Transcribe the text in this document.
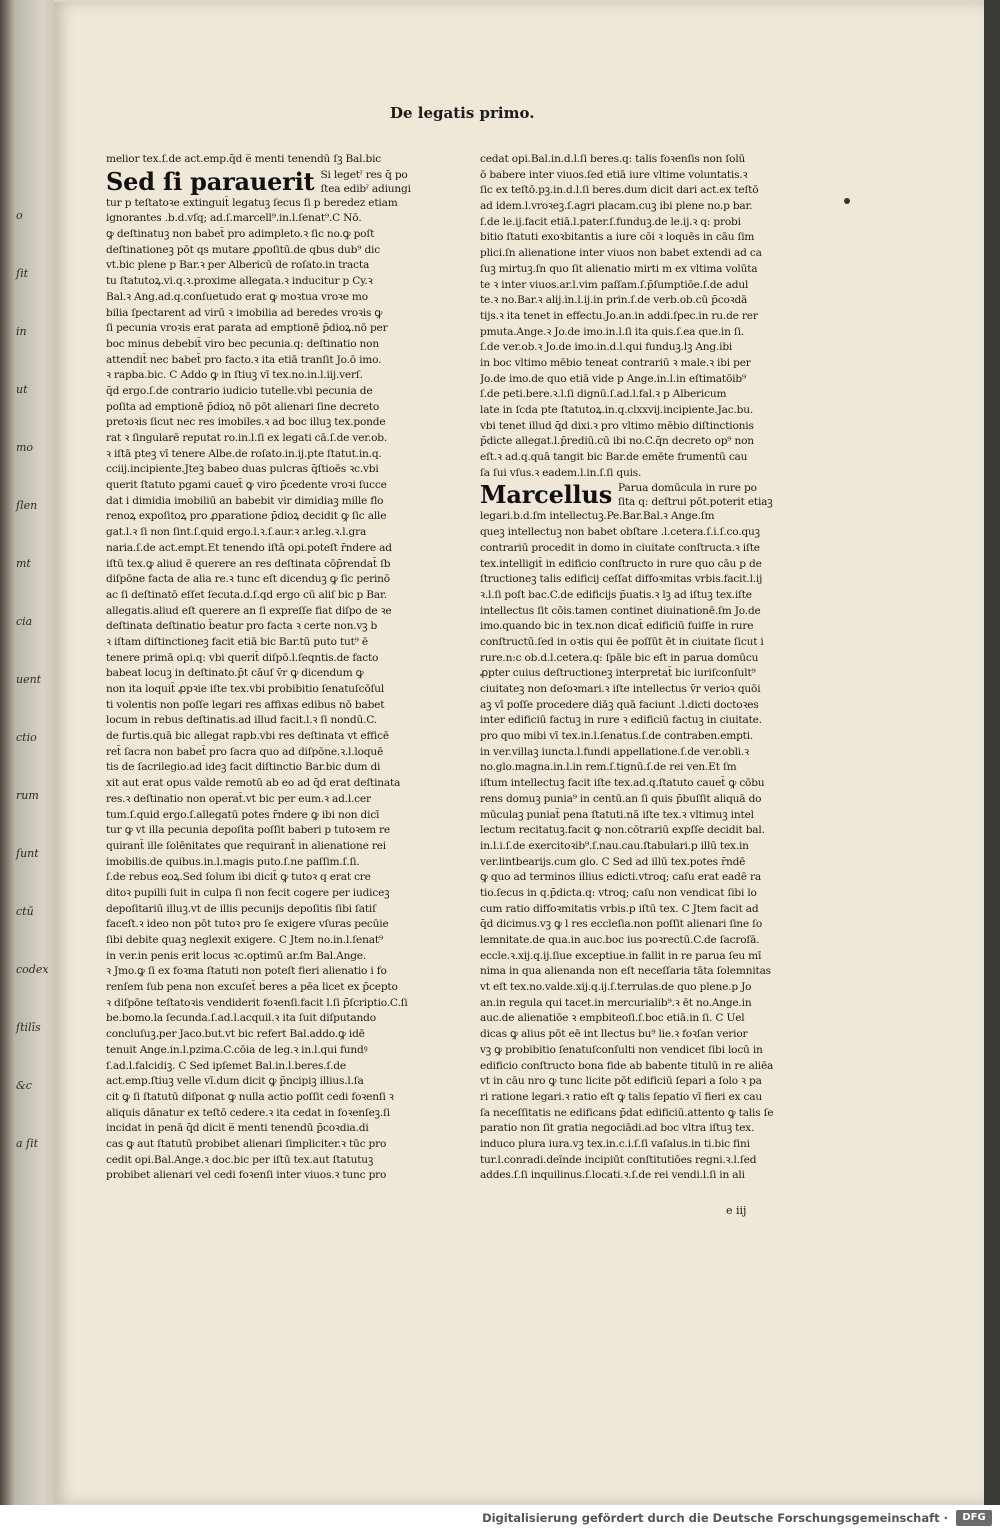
o
ſit
in
ut
mo
ſlen
mt
cia
uent
ctio
rum
ſunt
ctū
codex
ſtilīs
&c
a ſit
De legatis primo.
melior tex.ſ.de act.emp.q̄d e̅ menti tenendū ſꝫ Bal.bic
Sed ſi parauerit Si legetˀ res q̄ po
ſtea edibˀ adiungi
tur p teſtatoꝛe extinguit̄ legatuꝫ ſecus ſi p beredez etiam
ignorantes .b.d.vſq; ad.ſ.marcell⁹.in.l.ſenat⁹.C Nō.
ꝙ deſtinatuꝫ non babet̄ pro adimpleto.ꝛ ſic no.ꝙ poſt
deſtinationeꝫ pōt qs mutare ꝓpoſitū.de qbus dub⁹ dic
vt.bic plene p Bar.ꝛ per Albericū de roſato.in tracta
tu ſtatutoꝝ.vi.q.ꝛ.proxime allegata.ꝛ inducitur p Cy.ꝛ
Bal.ꝛ Ang.ad.q.conſuetudo erat ꝙ moꝛtua vroꝛe mo
bilia ſpectarent ad virū ꝛ imobilia ad beredes vroꝛis ꝙ
ſi pecunia vroꝛis erat parata ad emptionē p̄dioꝝ.nō per
boc minus debebit̄ viro bec pecunia.q: deſtinatio non
attendit̄ nec babet̄ pro facto.ꝛ ita etiā tranſit Jo.ō imo.
ꝛ rapba.bic. C Addo ꝙ in ſtiuꝫ vī tex.no.in.l.iij.verſ.
q̄d ergo.ſ.de contrario iudicio tutelle.vbi pecunia de
poſita ad emptionē p̄dioꝝ nō pōt alienari ſine decreto
pretoꝛis ſicut nec res imobiles.ꝛ ad boc illuꝫ tex.ponde
rat ꝛ ſingularē reputat ro.in.l.ſi ex legati cā.ſ.de ver.ob.
ꝛ iſtā pteꝫ vī tenere Albe.de roſato.in.ij.pte ſtatut.in.q.
cciij.incipiente.Jteꝫ babeo duas pulcras q̄ſtioēs ꝛc.vbi
querit ſtatuto pgami cauet̄ ꝙ viro p̄cedente vroꝛi ſucce
dat i dimidia imobiliū an babebit vir dimidiaꝫ mille flo
renoꝝ expoſitoꝝ pro ꝓparatione p̄dioꝝ decidit ꝙ ſic alle
gat.l.ꝛ ſi non ſint.ſ.quid ergo.l.ꝛ.ſ.aur.ꝛ ar.leg.ꝛ.l.gra
naria.ſ.de act.empt.Et tenendo iſtā opi.poteſt r̄ndere ad
iſtū tex.ꝙ aliud ē querere an res deſtinata cōp̄rendat̄ ſb
diſpōne facta de alia re.ꝛ tunc eſt dicenduꝫ ꝙ ſic perinō
ac ſi deſtinatō eſſet ſecuta.d.ſ.qd ergo cū aliſ bic p Bar.
allegatis.aliud eſt querere an ſi expreſſe fiat diſpo de ꝛe
deſtinata deſtinatio b̄eatur pro facta ꝛ certe non.vꝫ b
ꝛ iſtam diſtinctioneꝫ facit etiā bic Bar.tū puto tut⁹ ē
tenere primā opi.q: vbi querit̄ diſpō.l.ſeqntis.de facto
babeat locuꝫ in deſtinato.p̄t cāuſ v̄r ꝙ dicendum ꝙ
non ita loquit̄ ꝓpꝛie iſte tex.vbi probibitio ſenatuſcōſul
ti volentis non poſſe legari res affixas edibus nō babet
locum in rebus deſtinatis.ad illud facit.l.ꝛ ſi nondū.C.
de furtis.quā bic allegat rapb.vbi res deſtinata vt efficē
ret̄ ſacra non babet̄ pro ſacra quo ad diſpōne.ꝛ.l.loquē
tis de ſacrilegio.ad ideꝫ facit diſtinctio Bar.bic dum di
xit aut erat opus valde remotū ab eo ad q̄d erat deſtinata
res.ꝛ deſtinatio non operat̄.vt bic per eum.ꝛ ad.l.cer
tum.ſ.quid ergo.ſ.allegatū potes r̄ndere ꝙ ibi non dicī
tur ꝙ vt illa pecunia depoſita poſſit baberi p tutoꝛem re
quirant̄ ille ſolēnitates que requirant̄ in alienatione rei
imobilis.de quibus.in.l.magis puto.ſ.ne paſſim.ſ.ſi.
ſ.de rebus eoꝝ.Sed ſolum ibi dicit̄ ꝙ tutoꝛ q erat cre
ditoꝛ pupilli ſuit in culpa ſi non fecit cogere per iudiceꝫ
depoſitariū illuꝫ.vt de illis pecunijs depoſitis ſibi ſatiſ
faceſt.ꝛ ideo non pōt tutoꝛ pro ſe exigere vſuras pecūie
ſibi debite quaꝫ neglexit exigere. C Jtem no.in.l.ſenat⁹
in ver.in penis erit locus ꝛc.optimū ar.ſm Bal.Ange.
ꝛ Jmo.ꝙ ſi ex foꝛma ſtatuti non poteſt fieri alienatio i fo
renſem ſub pena non excuſet̄ beres a pēa licet ex p̄cepto
ꝛ diſpōne teſtatoꝛis vendiderit foꝛenſi.facit l.ſi p̄ſcriptio.C.ſi
be.bomo.la ſecunda.ſ.ad.l.acquil.ꝛ ita ſuit diſputando
concluſuꝫ.per Jaco.but.vt bic refert Bal.addo.ꝙ idē
tenuit Ange.in.l.pzima.C.cōia de leg.ꝛ in.l.qui fundꝰ
ſ.ad.l.falcidiꝫ. C Sed ipſemet Bal.in.l.beres.ſ.de
act.emp.ſtiuꝫ velle vī.dum dicit ꝙ p̄ncipiꝫ illius.l.ſa
cit ꝙ ſi ſtatutū diſponat ꝙ nulla actio poſſit cedi foꝛenſi ꝛ
aliquis dānatur ex teſtō cedere.ꝛ ita cedat in foꝛenſeꝫ.ſi
incidat in penā q̄d dicit e̅ menti tenendū p̄coꝛdia.di
cas ꝙ aut ſtatutū probibet alienari ſimpliciter.ꝛ tūc pro
cedit opi.Bal.Ange.ꝛ doc.bic per iſtū tex.aut ſtatutuꝫ
probibet alienari vel cedi foꝛenſi inter viuos.ꝛ tunc pro
cedat opi.Bal.in.d.l.ſi beres.q: talis foꝛenſis non ſolū
ō babere inter viuos.ſed etiā iure vltime voluntatis.ꝛ
ſic ex teſtō.pꝫ.in.d.l.ſi beres.dum dicit dari act.ex teſtō
ad idem.l.vroꝛeꝫ.ſ.agri placam.cuꝫ ibi plene no.p bar.
ſ.de le.ij.facit etiā.l.pater.ſ.funduꝫ.de le.ij.ꝛ q: probi
bitio ſtatuti exoꝛbitantis a iure cōi ꝛ loquēs in cāu ſim
plici.ſn alienatione inter viuos non babet extendi ad ca
ſuꝫ mirtuꝫ.ſn quo ſit alienatio mirti m ex vltima volūta
te ꝛ inter viuos.ar.l.vim paſſam.ſ.p̄ſumptiōe.ſ.de adul
te.ꝛ no.Bar.ꝛ alij.in.l.ij.in prin.ſ.de verb.ob.cū p̄coꝛdā
tijs.ꝛ ita tenet in effectu.Jo.an.in addi.ſpec.in ru.de rer
pmuta.Ange.ꝛ Jo.de imo.in.l.ſi ita quis.ſ.ea que.in ſi.
ſ.de ver.ob.ꝛ Jo.de imo.in.d.l.qui funduꝫ.lꝫ Ang.ibi
in boc vltimo mēbio teneat contrariū ꝛ male.ꝛ ibi per
Jo.de imo.de quo etiā vide p Ange.in.l.in eſtimatōib⁹
ſ.de peti.bere.ꝛ.l.ſi dignū.ſ.ad.l.fal.ꝛ p Albericum
late in ſcda pte ſtatutoꝝ.in.q.clxxvij.incipiente.Jac.bu.
vbi tenet illud q̄d dixi.ꝛ pro vltimo mēbio diſtinctionis
p̄dicte allegat.l.p̄rediū.cū ibi no.C.q̄n decreto op⁹ non
eſt.ꝛ ad.q.quā tangit bic Bar.de emēte frumentū cau
ſa ſui vſus.ꝛ eadem.l.in.ſ.ſi quis.
Marcellus Parua domūcula in rure po
ſita q: deſtrui pōt.poterit etiaꝫ
legari.b.d.ſm intellectuꝫ.Pe.Bar.Bal.ꝛ Ange.ſm
queꝫ intellectuꝫ non babet obſtare .l.cetera.ſ.i.ſ.co.quꝫ
contrariū procedit in domo in ciuitate conſtructa.ꝛ iſte
tex.intelligit̄ in edificio conſtructo in rure quo cāu p de
ſtructioneꝫ talis edificij ceſſat diffoꝛmitas vrbis.facit.l.ij
ꝛ.l.ſi poſt bac.C.de edificijs p̄uatis.ꝛ lꝫ ad iſtuꝫ tex.iſte
intellectus ſit cōis.tamen continet diuinationē.ſm Jo.de
imo.quando bic in tex.non dicat̄ edificiū fuiſſe in rure
conſtructū.ſed in oꝛtis qui ēe poſſūt ēt in ciuitate ſicut i
rure.n:c ob.d.l.cetera.q: ſpāle bic eſt in parua domūcu
ꝓpter cuius deſtructioneꝫ interpretat̄ bic iuriſconſult⁹
ciuitateꝫ non deſoꝛmari.ꝛ iſte intellectus v̄r verioꝛ quōi
aꝫ vī poſſe procedere diāꝫ quā faciunt .l.dicti doctoꝛes
inter edificiū factuꝫ in rure ꝛ edificiū factuꝫ in ciuitate.
pro quo mibi vī tex.in.l.ſenatus.ſ.de contraben.empti.
in ver.villaꝫ iuncta.l.fundi appellatione.ſ.de ver.obli.ꝛ
no.glo.magna.in.l.in rem.ſ.tignū.ſ.de rei ven.Et ſm
iſtum intellectuꝫ facit iſte tex.ad.q.ſtatuto cauet̄ ꝙ cōbu
rens domuꝫ punia⁹ in centū.an ſi quis p̄buſſit aliquā do
mūculaꝫ puniat̄ pena ſtatuti.nā iſte tex.ꝛ vltimuꝫ intel
lectum recitatuꝫ.facit ꝙ non.cōtrariū expſſe decidit bal.
in.l.i.ſ.de exercitoꝛib⁹.ſ.nau.cau.ſtabulari.p illū tex.in
ver.lintbearijs.cum glo. C Sed ad illū tex.potes r̄ndē
ꝙ quo ad terminos illius edicti.vtroq; caſu erat eadē ra
tio.ſecus in q.p̄dicta.q: vtroq; caſu non vendicat ſibi lo
cum ratio diffoꝛmitatis vrbis.p iſtū tex. C Jtem facit ad
q̄d dicimus.vꝫ ꝙ l res eccleſia.non poſſit alienari ſine ſo
lemnitate.de qua.in auc.boc ius poꝛrectū.C.de ſacroſā.
eccle.ꝛ.xij.q.ij.ſiue exceptiue.in fallit in re parua ſeu mī
nima in qua alienanda non eſt neceſſaria tāta ſolemnitas
vt eſt tex.no.valde.xij.q.ij.ſ.terrulas.de quo plene.p Jo
an.in regula qui tacet.in mercurialib⁹.ꝛ ēt no.Ange.in
auc.de alienatiōe ꝛ empbiteoſi.ſ.boc etiā.in ſi. C Uel
dicas ꝙ alius pōt eē int llectus bu⁹ lie.ꝛ foꝛſan verior
vꝫ ꝙ probibitio ſenatuſconſulti non vendicet ſibi locū in
edificio conſtructo bona fide ab babente titulū in re aliēa
vt in cāu nro ꝙ tunc licite pōt edificiū ſepari a ſolo ꝛ pa
ri ratione legari.ꝛ ratio eſt ꝙ talis ſepatio vī fieri ex cau
ſa neceſſitatis ne edificans p̄dat edificiū.attento ꝙ talis ſe
paratio non ſit gratia negociādi.ad boc vltra iſtuꝫ tex.
induco plura iura.vꝫ tex.in.c.i.ſ.ſi vaſalus.in ti.bic fini
tur.l.conradi.deīnde incipiūt conſtitutiōes regni.ꝛ.l.ſed
addes.ſ.ſi inquilinus.ſ.locati.ꝛ.ſ.de rei vendi.l.ſi in ali
e iij
Digitalisierung gefördert durch die Deutsche Forschungsgemeinschaft ·	DFG
